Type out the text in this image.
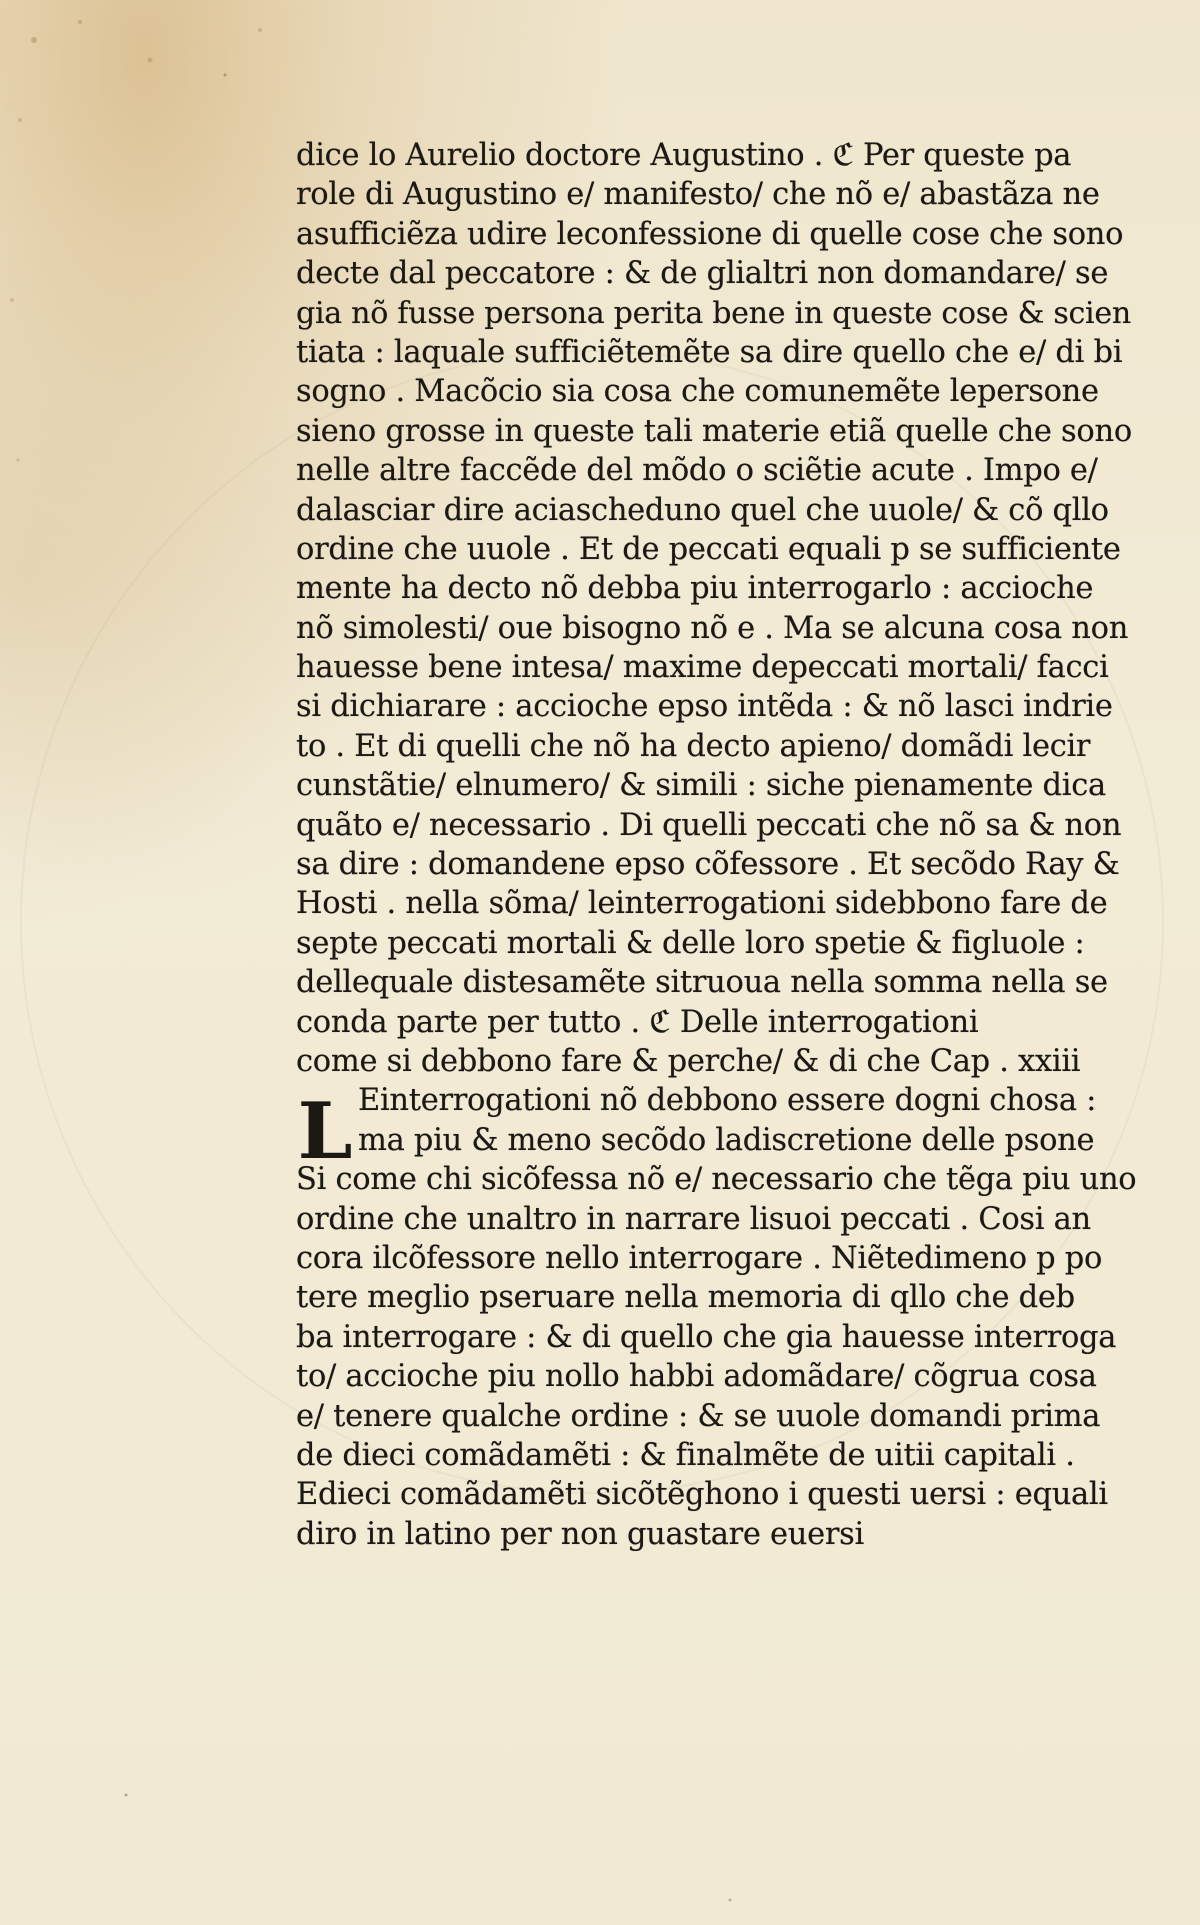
L
dice lo Aurelio doctore Augustino . ℭ Per queste pa
role di Augustino e/ manifesto/ che nõ e/ abastãza ne
asufficiẽza udire leconfessione di quelle cose che sono
decte dal peccatore : & de glialtri non domandare/ se
gia nõ fusse persona perita bene in queste cose & scien
tiata : laquale sufficiẽtemẽte sa dire quello che e/ di bi
sogno . Macõcio sia cosa che comunemẽte lepersone
sieno grosse in queste tali materie etiã quelle che sono
nelle altre faccẽde del mõdo o sciẽtie acute . Impo e/
dalasciar dire aciascheduno quel che uuole/ & cõ qllo
ordine che uuole . Et de peccati equali p se sufficiente
mente ha decto nõ debba piu interrogarlo : accioche
nõ simolesti/ oue bisogno nõ e . Ma se alcuna cosa non
hauesse bene intesa/ maxime depeccati mortali/ facci
si dichiarare : accioche epso intẽda : & nõ lasci indrie
to . Et di quelli che nõ ha decto apieno/ domãdi lecir
cunstãtie/ elnumero/ & simili : siche pienamente dica
quãto e/ necessario . Di quelli peccati che nõ sa & non
sa dire : domandene epso cõfessore . Et secõdo Ray &
Hosti . nella sõma/ leinterrogationi sidebbono fare de
septe peccati mortali & delle loro spetie & figluole :
dellequale distesamẽte sitruoua nella somma nella se
conda parte per tutto . ℭ Delle interrogationi
come si debbono fare & perche/ & di che Cap . xxiii
Einterrogationi nõ debbono essere dogni chosa :
ma piu & meno secõdo ladiscretione delle psone
Si come chi sicõfessa nõ e/ necessario che tẽga piu uno
ordine che unaltro in narrare lisuoi peccati . Cosi an
cora ilcõfessore nello interrogare . Niẽtedimeno p po
tere meglio pseruare nella memoria di qllo che deb
ba interrogare : & di quello che gia hauesse interroga
to/ accioche piu nollo habbi adomãdare/ cõgrua cosa
e/ tenere qualche ordine : & se uuole domandi prima
de dieci comãdamẽti : & finalmẽte de uitii capitali .
Edieci comãdamẽti sicõtẽghono i questi uersi : equali
diro in latino per non guastare euersi
